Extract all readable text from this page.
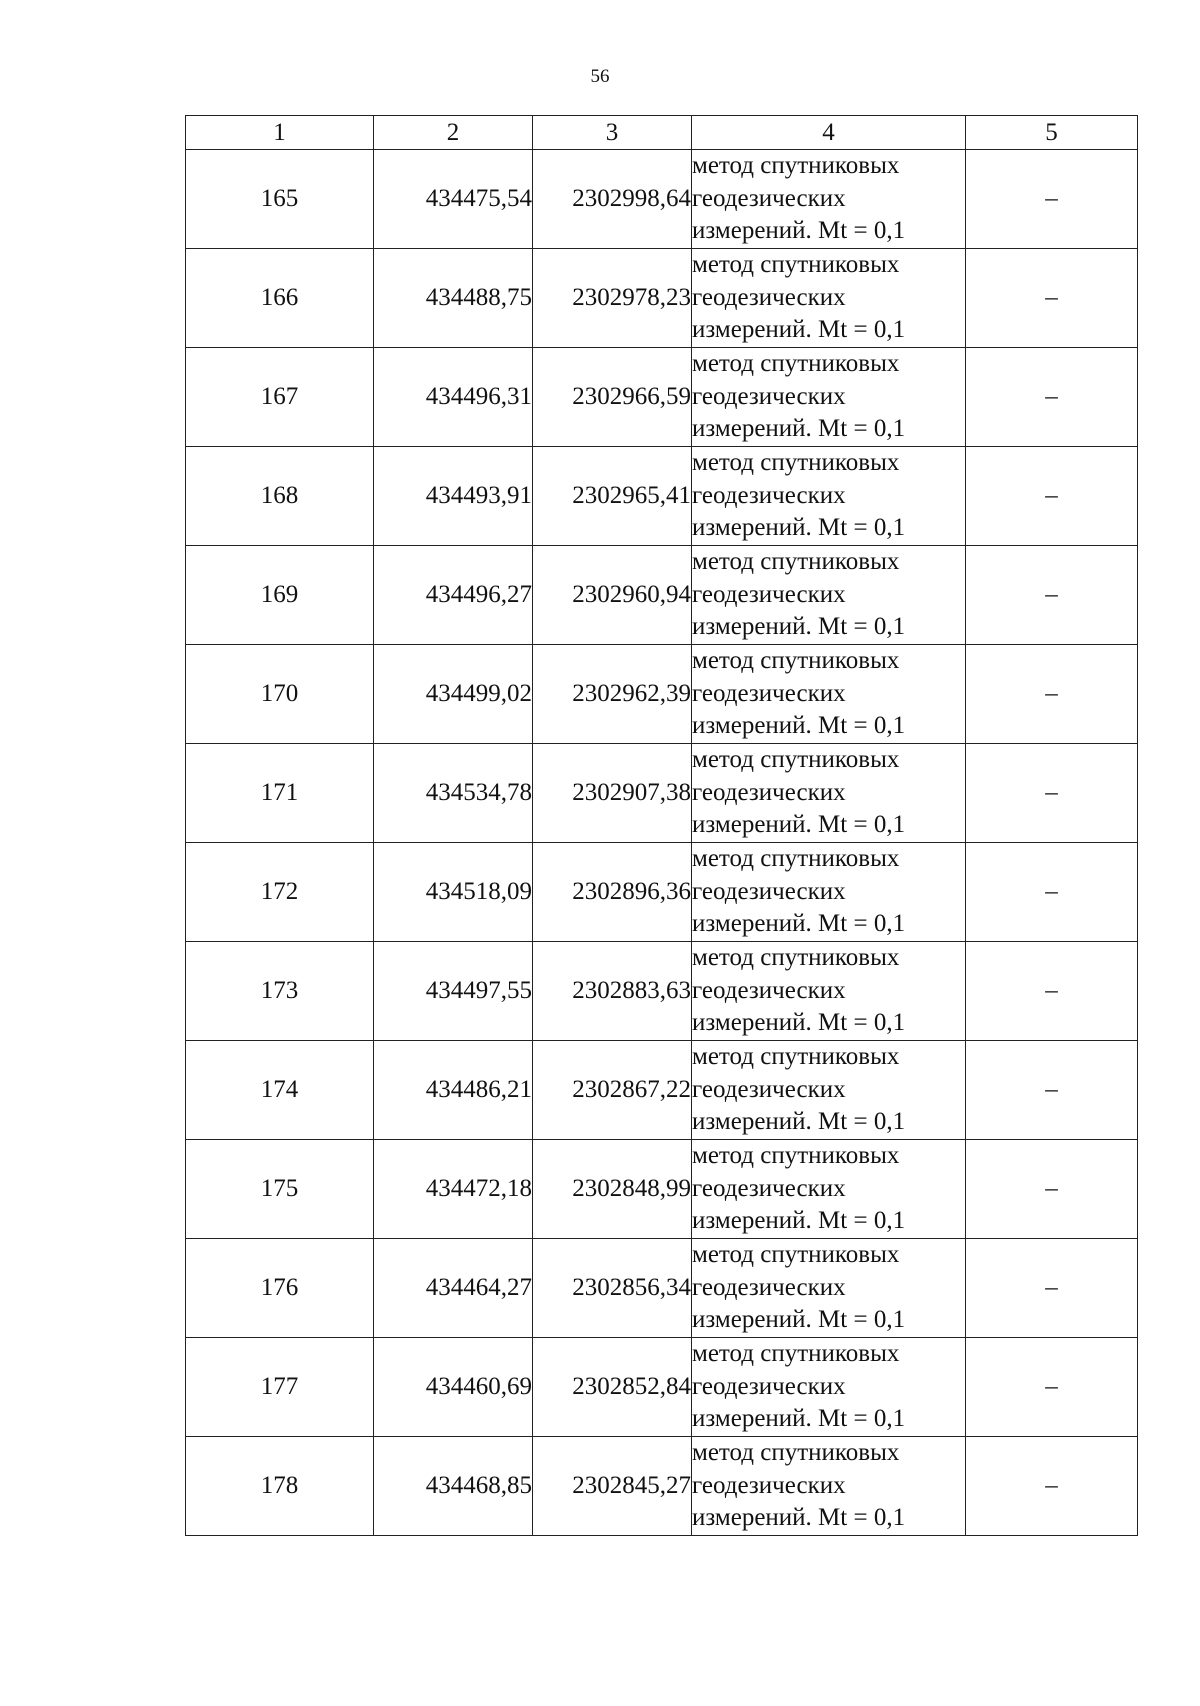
56
1	2	3	4	5
165	434475,54	2302998,64	метод спутниковых
геодезических
измерений. Mt = 0,1	–
166	434488,75	2302978,23	метод спутниковых
геодезических
измерений. Mt = 0,1	–
167	434496,31	2302966,59	метод спутниковых
геодезических
измерений. Mt = 0,1	–
168	434493,91	2302965,41	метод спутниковых
геодезических
измерений. Mt = 0,1	–
169	434496,27	2302960,94	метод спутниковых
геодезических
измерений. Mt = 0,1	–
170	434499,02	2302962,39	метод спутниковых
геодезических
измерений. Mt = 0,1	–
171	434534,78	2302907,38	метод спутниковых
геодезических
измерений. Mt = 0,1	–
172	434518,09	2302896,36	метод спутниковых
геодезических
измерений. Mt = 0,1	–
173	434497,55	2302883,63	метод спутниковых
геодезических
измерений. Mt = 0,1	–
174	434486,21	2302867,22	метод спутниковых
геодезических
измерений. Mt = 0,1	–
175	434472,18	2302848,99	метод спутниковых
геодезических
измерений. Mt = 0,1	–
176	434464,27	2302856,34	метод спутниковых
геодезических
измерений. Mt = 0,1	–
177	434460,69	2302852,84	метод спутниковых
геодезических
измерений. Mt = 0,1	–
178	434468,85	2302845,27	метод спутниковых
геодезических
измерений. Mt = 0,1	–
